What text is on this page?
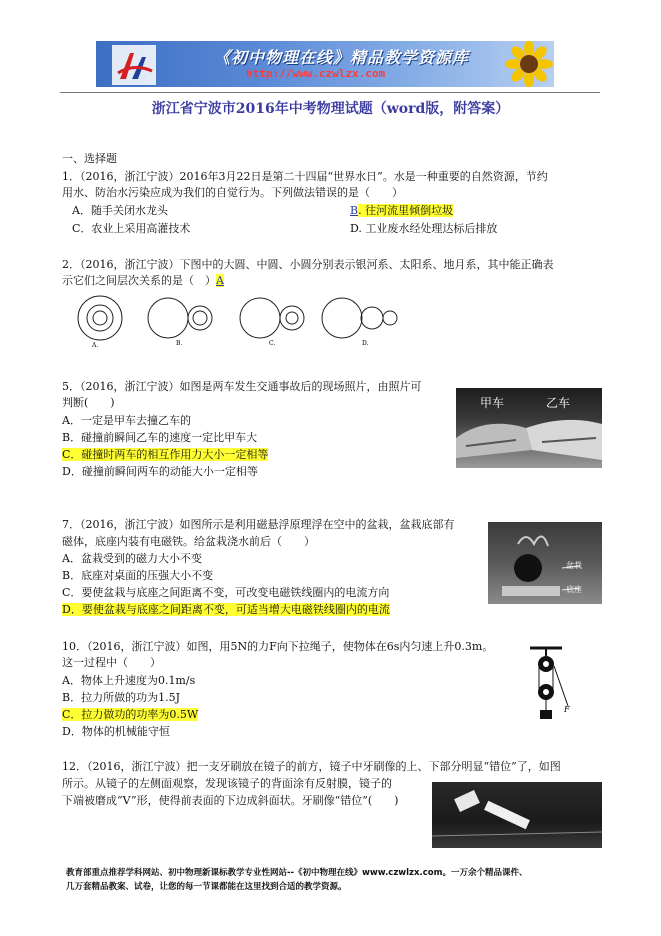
《初中物理在线》精品教学资源库
http://www.czwlzx.com
浙江省宁波市2016年中考物理试题（word版，附答案）
一、选择题
1．（2016，浙江宁波）2016年3月22日是第二十四届“世界水日”。水是一种重要的自然资源，节约
用水、防治水污染应成为我们的自觉行为。下列做法错误的是（　　）
A．随手关闭水龙头	B. 往河流里倾倒垃圾
C．农业上采用高灌技术	D. 工业废水经处理达标后排放
2．（2016，浙江宁波）下图中的大圆、中圆、小圆分别表示银河系、太阳系、地月系，其中能正确表
示它们之间层次关系的是（　）A
A.	B.	C.	D.
5．（2016，浙江宁波）如图是两车发生交通事故后的现场照片，由照片可
判断(　　)
A．一定是甲车去撞乙车的
B．碰撞前瞬间乙车的速度一定比甲车大
C．碰撞时两车的相互作用力大小一定相等
D．碰撞前瞬间两车的动能大小一定相等
甲车	乙车
7．（2016，浙江宁波）如图所示是利用磁悬浮原理浮在空中的盆栽，盆栽底部有
磁体，底座内装有电磁铁。给盆栽浇水前后（　　）
A．盆栽受到的磁力大小不变
B．底座对桌面的压强大小不变
C．要使盆栽与底座之间距离不变，可改变电磁铁线圈内的电流方向
D．要使盆栽与底座之间距离不变，可适当增大电磁铁线圈内的电流
盆栽
底座
10．（2016，浙江宁波）如图，用5N的力F向下拉绳子，使物体在6s内匀速上升0.3m。
这一过程中（　　）
A．物体上升速度为0.1m/s
B．拉力所做的功为1.5J
C．拉力做功的功率为0.5W
D．物体的机械能守恒
F
12．（2016，浙江宁波）把一支牙刷放在镜子的前方，镜子中牙刷像的上、下部分明显“错位”了，如图
所示。从镜子的左侧面观察，发现该镜子的背面涂有反射膜，镜子的
下端被磨成“V”形，使得前表面的下边成斜面状。牙刷像“错位”(　　)
教育部重点推荐学科网站、初中物理新课标教学专业性网站--《初中物理在线》www.czwlzx.com。一万余个精品课件、
几万套精品教案、试卷，让您的每一节课都能在这里找到合适的教学资源。
